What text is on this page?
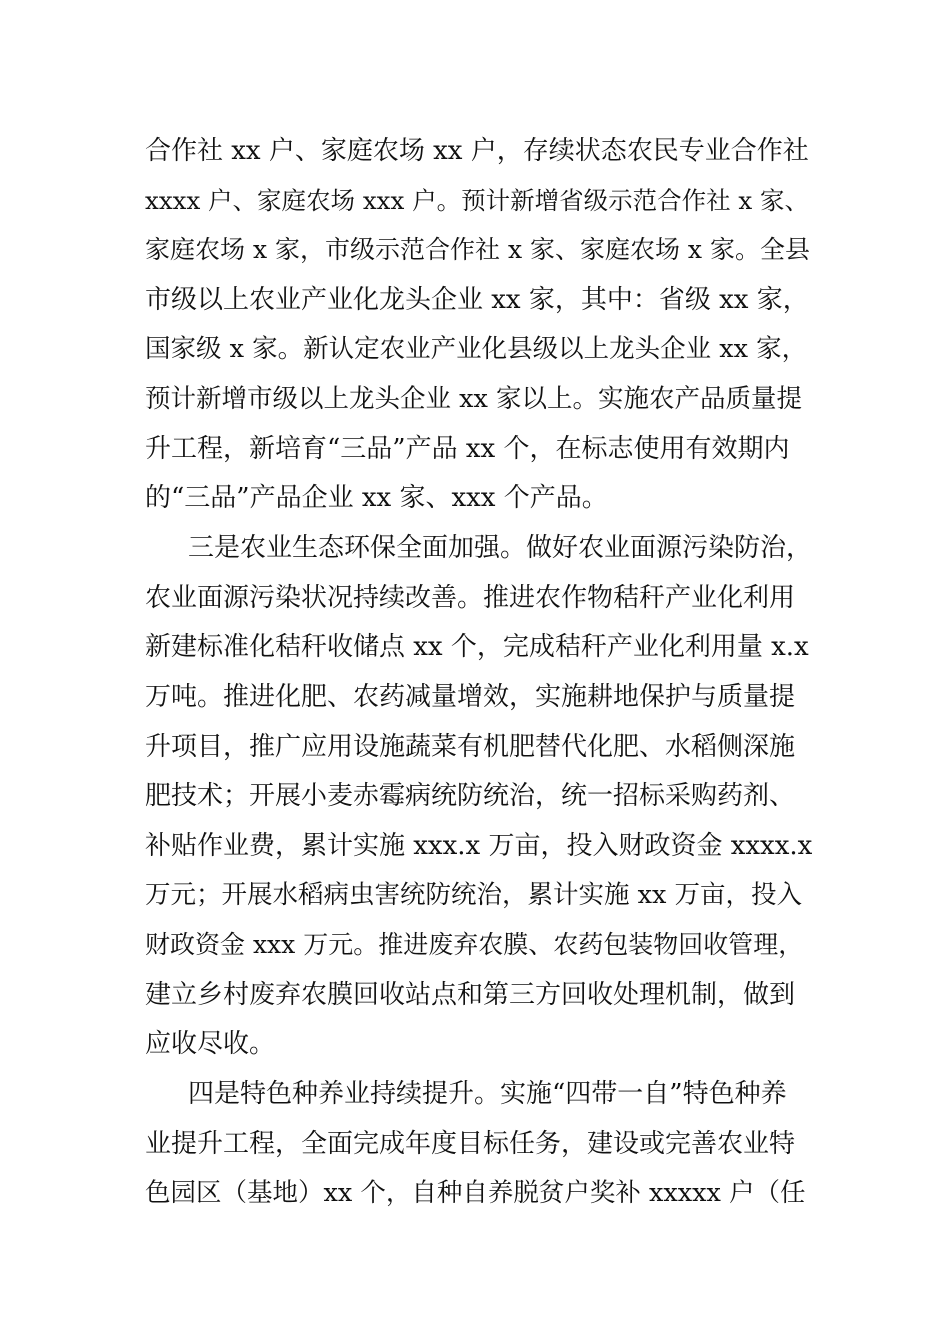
合作社 xx 户、家庭农场 xx 户，存续状态农民专业合作社

xxxx 户、家庭农场 xxx 户。预计新增省级示范合作社 x 家、

家庭农场 x 家，市级示范合作社 x 家、家庭农场 x 家。全县

市级以上农业产业化龙头企业 xx 家，其中：省级 xx 家，

国家级 x 家。新认定农业产业化县级以上龙头企业 xx 家，

预计新增市级以上龙头企业 xx 家以上。实施农产品质量提

升工程，新培育“三品”产品 xx 个，在标志使用有效期内

的“三品”产品企业 xx 家、xxx 个产品。

三是农业生态环保全面加强。做好农业面源污染防治，

农业面源污染状况持续改善。推进农作物秸秆产业化利用

新建标准化秸秆收储点 xx 个，完成秸秆产业化利用量 x.x

万吨。推进化肥、农药减量增效，实施耕地保护与质量提

升项目，推广应用设施蔬菜有机肥替代化肥、水稻侧深施

肥技术；开展小麦赤霉病统防统治，统一招标采购药剂、

补贴作业费，累计实施 xxx.x 万亩，投入财政资金 xxxx.x

万元；开展水稻病虫害统防统治，累计实施 xx 万亩，投入

财政资金 xxx 万元。推进废弃农膜、农药包装物回收管理，

建立乡村废弃农膜回收站点和第三方回收处理机制，做到

应收尽收。

四是特色种养业持续提升。实施“四带一自”特色种养

业提升工程，全面完成年度目标任务，建设或完善农业特

色园区（基地）xx 个，自种自养脱贫户奖补 xxxxx 户（任
